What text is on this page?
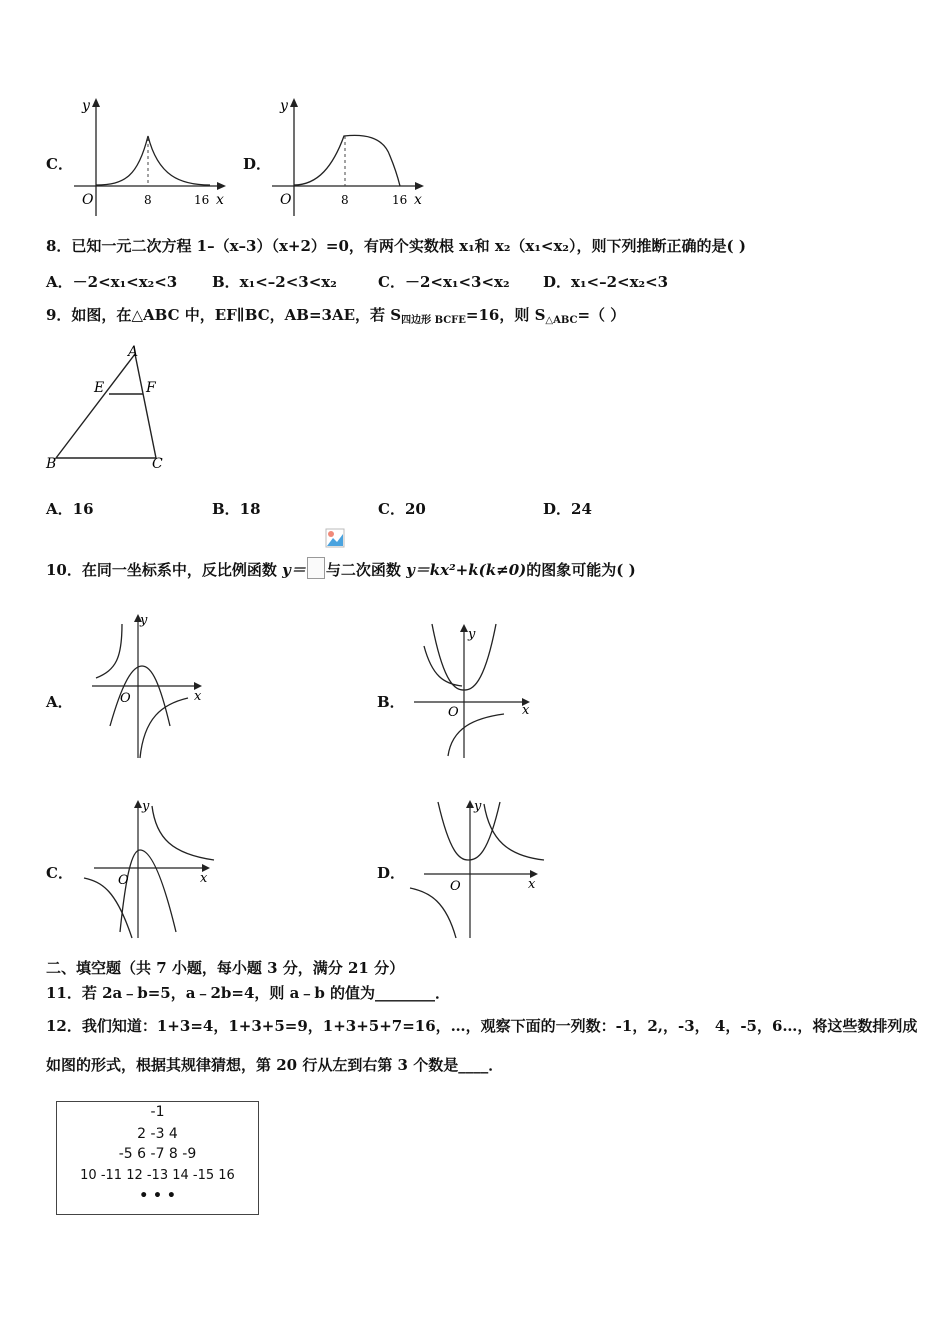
C．
y
x
O	8	16
D．
y
x
O	8	16
8．已知一元二次方程 1–（x–3）（x+2）=0，有两个实数根 x₁和 x₂（x₁<x₂），则下列推断正确的是( )
A．－2<x₁<x₂<3 B．x₁<–2<3<x₂	C．－2<x₁<3<x₂ D．x₁<–2<x₂<3
9．如图，在△ABC 中，EF∥BC，AB=3AE，若 $S_{四边形 BCFE}=16$，则 $S_{\triangle ABC}=$（ ）
A
E	F
B	C
A．16	B．18	C．20	D．24
10．在同一坐标系中，反比例函数 y＝ 与二次函数 y＝kx²+k(k≠0)的图象可能为( )
A．
y
x
O	B．
y
x
O
C．
y
x
O	D．
y
x
O
二、填空题（共 7 小题，每小题 3 分，满分 21 分）
11．若 2a﹣b=5，a﹣2b=4，则 a﹣b 的值为________．
12．我们知道：1+3=4，1+3+5=9，1+3+5+7=16，…，观察下面的一列数：-1，2,，-3， 4，-5，6…，将这些数排列成
如图的形式，根据其规律猜想，第 20 行从左到右第 3 个数是____．
-1
2 -3 4
-5 6 -7 8 -9
10 -11 12 -13 14 -15 16
• • •
